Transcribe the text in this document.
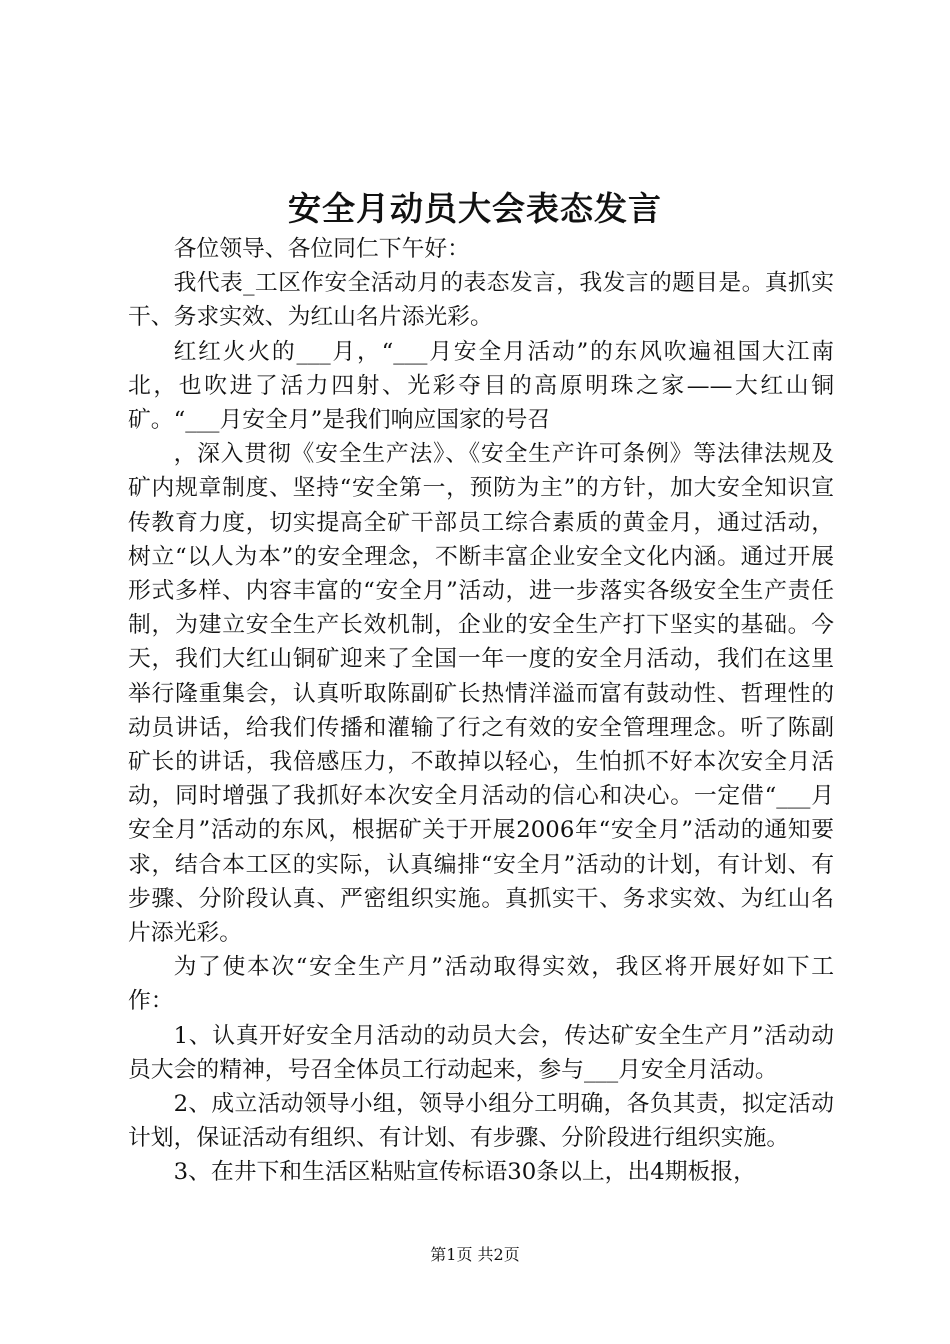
安全月动员大会表态发言

各位领导、各位同仁下午好：

我代表_工区作安全活动月的表态发言，我发言的题目是。真抓实干、务求实效、为红山名片添光彩。

红红火火的___月，“___月安全月活动”的东风吹遍祖国大江南北，也吹进了活力四射、光彩夺目的高原明珠之家——大红山铜矿。“___月安全月”是我们响应国家的号召

，深入贯彻《安全生产法》、《安全生产许可条例》等法律法规及矿内规章制度、坚持“安全第一，预防为主”的方针，加大安全知识宣传教育力度，切实提高全矿干部员工综合素质的黄金月，通过活动，树立“以人为本”的安全理念，不断丰富企业安全文化内涵。通过开展形式多样、内容丰富的“安全月”活动，进一步落实各级安全生产责任制，为建立安全生产长效机制，企业的安全生产打下坚实的基础。今天，我们大红山铜矿迎来了全国一年一度的安全月活动，我们在这里举行隆重集会，认真听取陈副矿长热情洋溢而富有鼓动性、哲理性的动员讲话，给我们传播和灌输了行之有效的安全管理理念。听了陈副矿长的讲话，我倍感压力，不敢掉以轻心，生怕抓不好本次安全月活动，同时增强了我抓好本次安全月活动的信心和决心。一定借“___月安全月”活动的东风，根据矿关于开展2006年“安全月”活动的通知要求，结合本工区的实际，认真编排“安全月”活动的计划，有计划、有步骤、分阶段认真、严密组织实施。真抓实干、务求实效、为红山名片添光彩。

为了使本次“安全生产月”活动取得实效，我区将开展好如下工作：

1、认真开好安全月活动的动员大会，传达矿安全生产月”活动动员大会的精神，号召全体员工行动起来，参与___月安全月活动。

2、成立活动领导小组，领导小组分工明确，各负其责，拟定活动计划，保证活动有组织、有计划、有步骤、分阶段进行组织实施。

3、在井下和生活区粘贴宣传标语30条以上，出4期板报，

第1页 共2页
